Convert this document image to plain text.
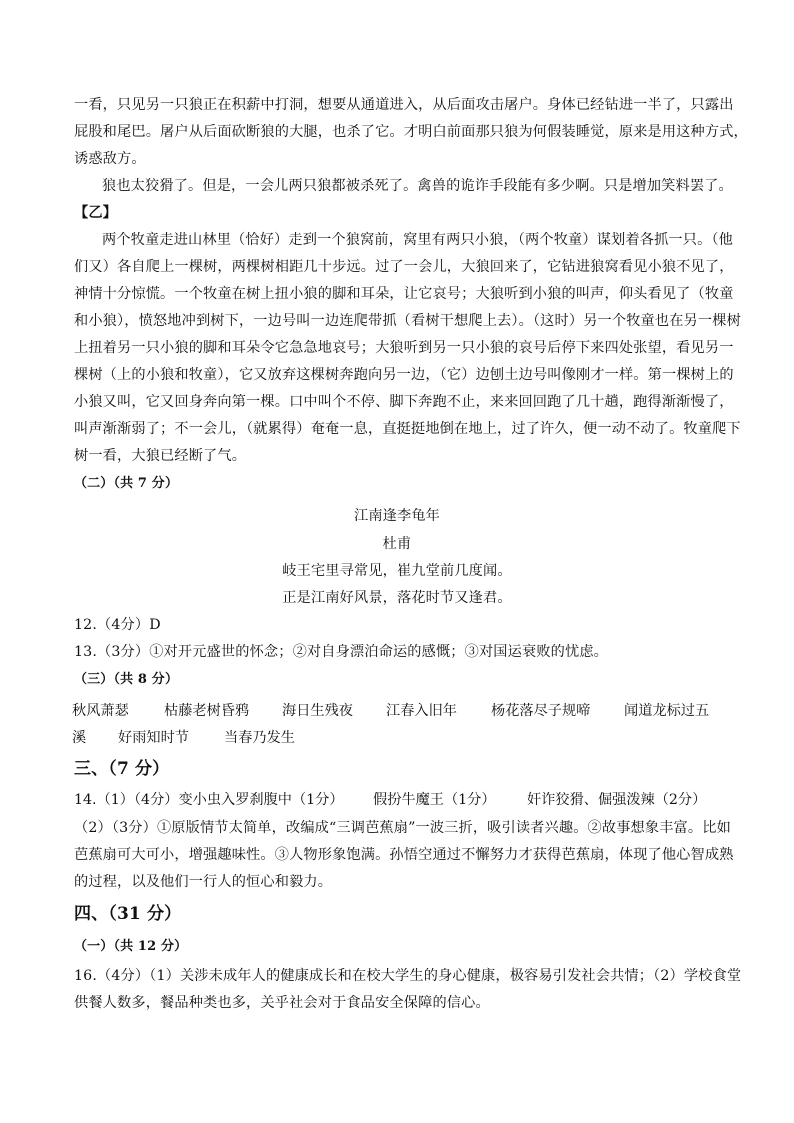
一看，只见另一只狼正在积薪中打洞，想要从通道进入，从后面攻击屠户。身体已经钻进一半了，只露出
屁股和尾巴。屠户从后面砍断狼的大腿，也杀了它。才明白前面那只狼为何假装睡觉，原来是用这种方式，
诱惑敌方。
狼也太狡猾了。但是，一会儿两只狼都被杀死了。禽兽的诡诈手段能有多少啊。只是增加笑料罢了。
【乙】
两个牧童走进山林里（恰好）走到一个狼窝前，窝里有两只小狼，（两个牧童）谋划着各抓一只。（他
们又）各自爬上一棵树，两棵树相距几十步远。过了一会儿，大狼回来了，它钻进狼窝看见小狼不见了，
神情十分惊慌。一个牧童在树上扭小狼的脚和耳朵，让它哀号；大狼听到小狼的叫声，仰头看见了（牧童
和小狼），愤怒地冲到树下，一边号叫一边连爬带抓（看树干想爬上去）。（这时）另一个牧童也在另一棵树
上扭着另一只小狼的脚和耳朵令它急急地哀号；大狼听到另一只小狼的哀号后停下来四处张望，看见另一
棵树（上的小狼和牧童），它又放弃这棵树奔跑向另一边，（它）边刨土边号叫像刚才一样。第一棵树上的
小狼又叫，它又回身奔向第一棵。口中叫个不停、脚下奔跑不止，来来回回跑了几十趟，跑得渐渐慢了，
叫声渐渐弱了；不一会儿，（就累得）奄奄一息，直挺挺地倒在地上，过了许久，便一动不动了。牧童爬下
树一看，大狼已经断了气。
（二）（共 7 分）
江南逢李龟年
杜甫
岐王宅里寻常见，崔九堂前几度闻。
正是江南好风景，落花时节又逢君。
12.（4分）D
13.（3分）①对开元盛世的怀念；②对自身漂泊命运的感慨；③对国运衰败的忧虑。
（三）（共 8 分）
秋风萧瑟 枯藤老树昏鸦 海日生残夜 江春入旧年 杨花落尽子规啼 闻道龙标过五
溪 好雨知时节 当春乃发生
三、（7 分）
14.（1）（4分）变小虫入罗刹腹中（1分） 假扮牛魔王（1分） 奸诈狡猾、倔强泼辣（2分）
（2）（3分）①原版情节太简单，改编成“三调芭蕉扇”一波三折，吸引读者兴趣。②故事想象丰富。比如
芭蕉扇可大可小，增强趣味性。③人物形象饱满。孙悟空通过不懈努力才获得芭蕉扇，体现了他心智成熟
的过程，以及他们一行人的恒心和毅力。
四、（31 分）
（一）（共 12 分）
16.（4分）（1）关涉未成年人的健康成长和在校大学生的身心健康，极容易引发社会共情；（2）学校食堂
供餐人数多，餐品种类也多，关乎社会对于食品安全保障的信心。
